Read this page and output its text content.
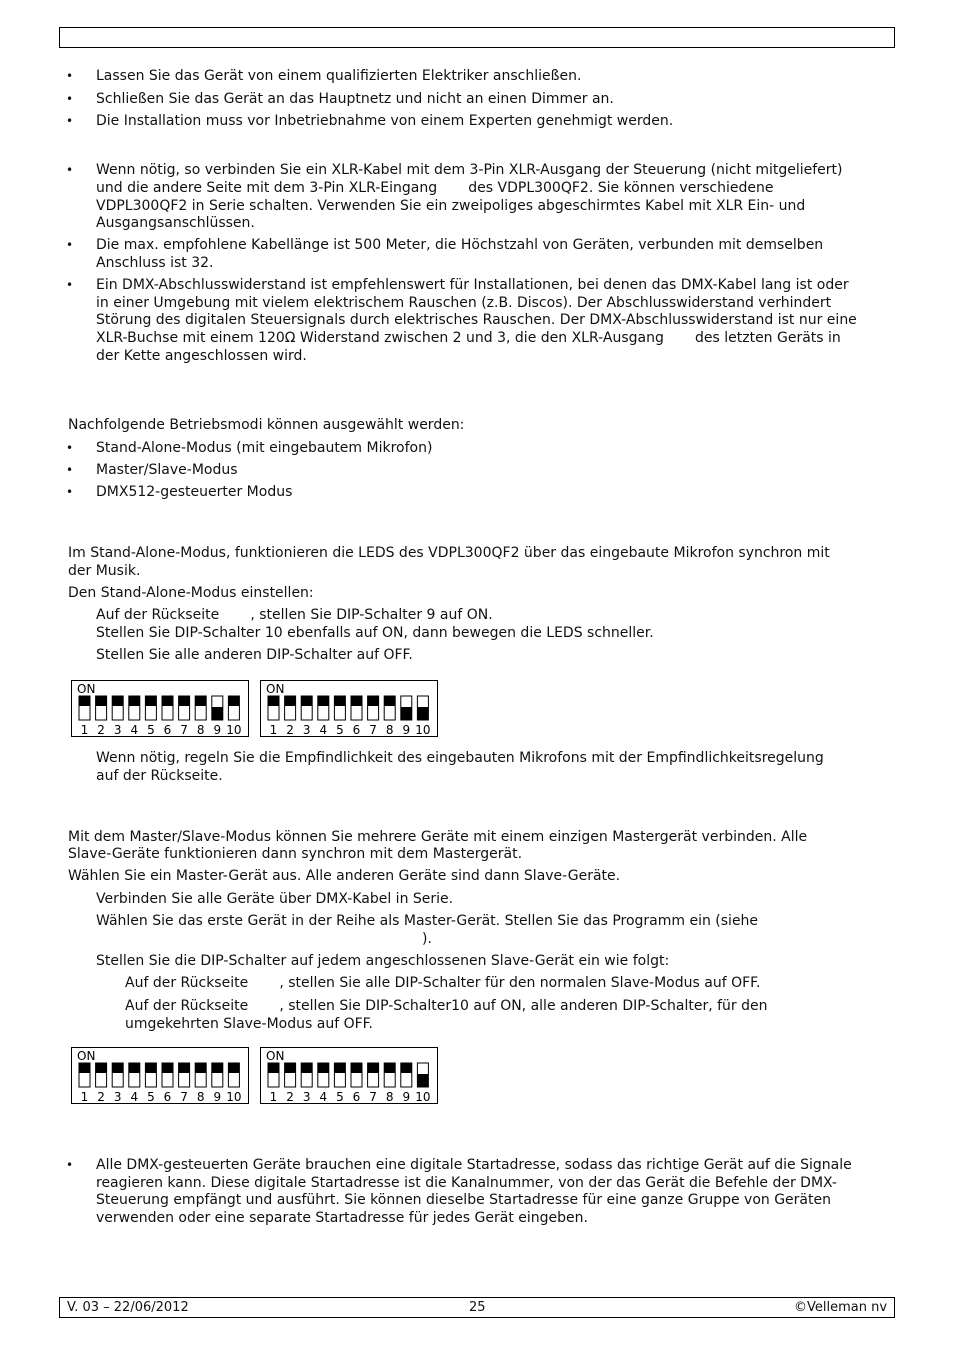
• Lassen Sie das Gerät von einem qualifizierten Elektriker anschließen.
• Schließen Sie das Gerät an das Hauptnetz und nicht an einen Dimmer an.
• Die Installation muss vor Inbetriebnahme von einem Experten genehmigt werden.
• Wenn nötig, so verbinden Sie ein XLR-Kabel mit dem 3-Pin XLR-Ausgang der Steuerung (nicht mitgeliefert)
und die andere Seite mit dem 3-Pin XLR-Eingang       des VDPL300QF2. Sie können verschiedene
VDPL300QF2 in Serie schalten. Verwenden Sie ein zweipoliges abgeschirmtes Kabel mit XLR Ein- und
Ausgangsanschlüssen.
• Die max. empfohlene Kabellänge ist 500 Meter, die Höchstzahl von Geräten, verbunden mit demselben
Anschluss ist 32.
• Ein DMX-Abschlusswiderstand ist empfehlenswert für Installationen, bei denen das DMX-Kabel lang ist oder
in einer Umgebung mit vielem elektrischem Rauschen (z.B. Discos). Der Abschlusswiderstand verhindert
Störung des digitalen Steuersignals durch elektrisches Rauschen. Der DMX-Abschlusswiderstand ist nur eine
XLR-Buchse mit einem 120Ω Widerstand zwischen 2 und 3, die den XLR-Ausgang       des letzten Geräts in
der Kette angeschlossen wird.
Nachfolgende Betriebsmodi können ausgewählt werden:
• Stand-Alone-Modus (mit eingebautem Mikrofon)
• Master/Slave-Modus
• DMX512-gesteuerter Modus
Im Stand-Alone-Modus, funktionieren die LEDS des VDPL300QF2 über das eingebaute Mikrofon synchron mit
der Musik.
Den Stand-Alone-Modus einstellen:
Auf der Rückseite       , stellen Sie DIP-Schalter 9 auf ON.
Stellen Sie DIP-Schalter 10 ebenfalls auf ON, dann bewegen die LEDS schneller.
Stellen Sie alle anderen DIP-Schalter auf OFF.
ON
1 2 3 4 5 6 7 8 9 10
ON
1 2 3 4 5 6 7 8 9 10
Wenn nötig, regeln Sie die Empfindlichkeit des eingebauten Mikrofons mit der Empfindlichkeitsregelung
auf der Rückseite.
Mit dem Master/Slave-Modus können Sie mehrere Geräte mit einem einzigen Mastergerät verbinden. Alle
Slave-Geräte funktionieren dann synchron mit dem Mastergerät.
Wählen Sie ein Master-Gerät aus. Alle anderen Geräte sind dann Slave-Geräte.
Verbinden Sie alle Geräte über DMX-Kabel in Serie.
Wählen Sie das erste Gerät in der Reihe als Master-Gerät. Stellen Sie das Programm ein (siehe
).
Stellen Sie die DIP-Schalter auf jedem angeschlossenen Slave-Gerät ein wie folgt:
Auf der Rückseite       , stellen Sie alle DIP-Schalter für den normalen Slave-Modus auf OFF.
Auf der Rückseite       , stellen Sie DIP-Schalter10 auf ON, alle anderen DIP-Schalter, für den
umgekehrten Slave-Modus auf OFF.
ON
1 2 3 4 5 6 7 8 9 10
ON
1 2 3 4 5 6 7 8 9 10
• Alle DMX-gesteuerten Geräte brauchen eine digitale Startadresse, sodass das richtige Gerät auf die Signale
reagieren kann. Diese digitale Startadresse ist die Kanalnummer, von der das Gerät die Befehle der DMX-
Steuerung empfängt und ausführt. Sie können dieselbe Startadresse für eine ganze Gruppe von Geräten
verwenden oder eine separate Startadresse für jedes Gerät eingeben.
V. 03 – 22/06/2012	25	©Velleman nv
